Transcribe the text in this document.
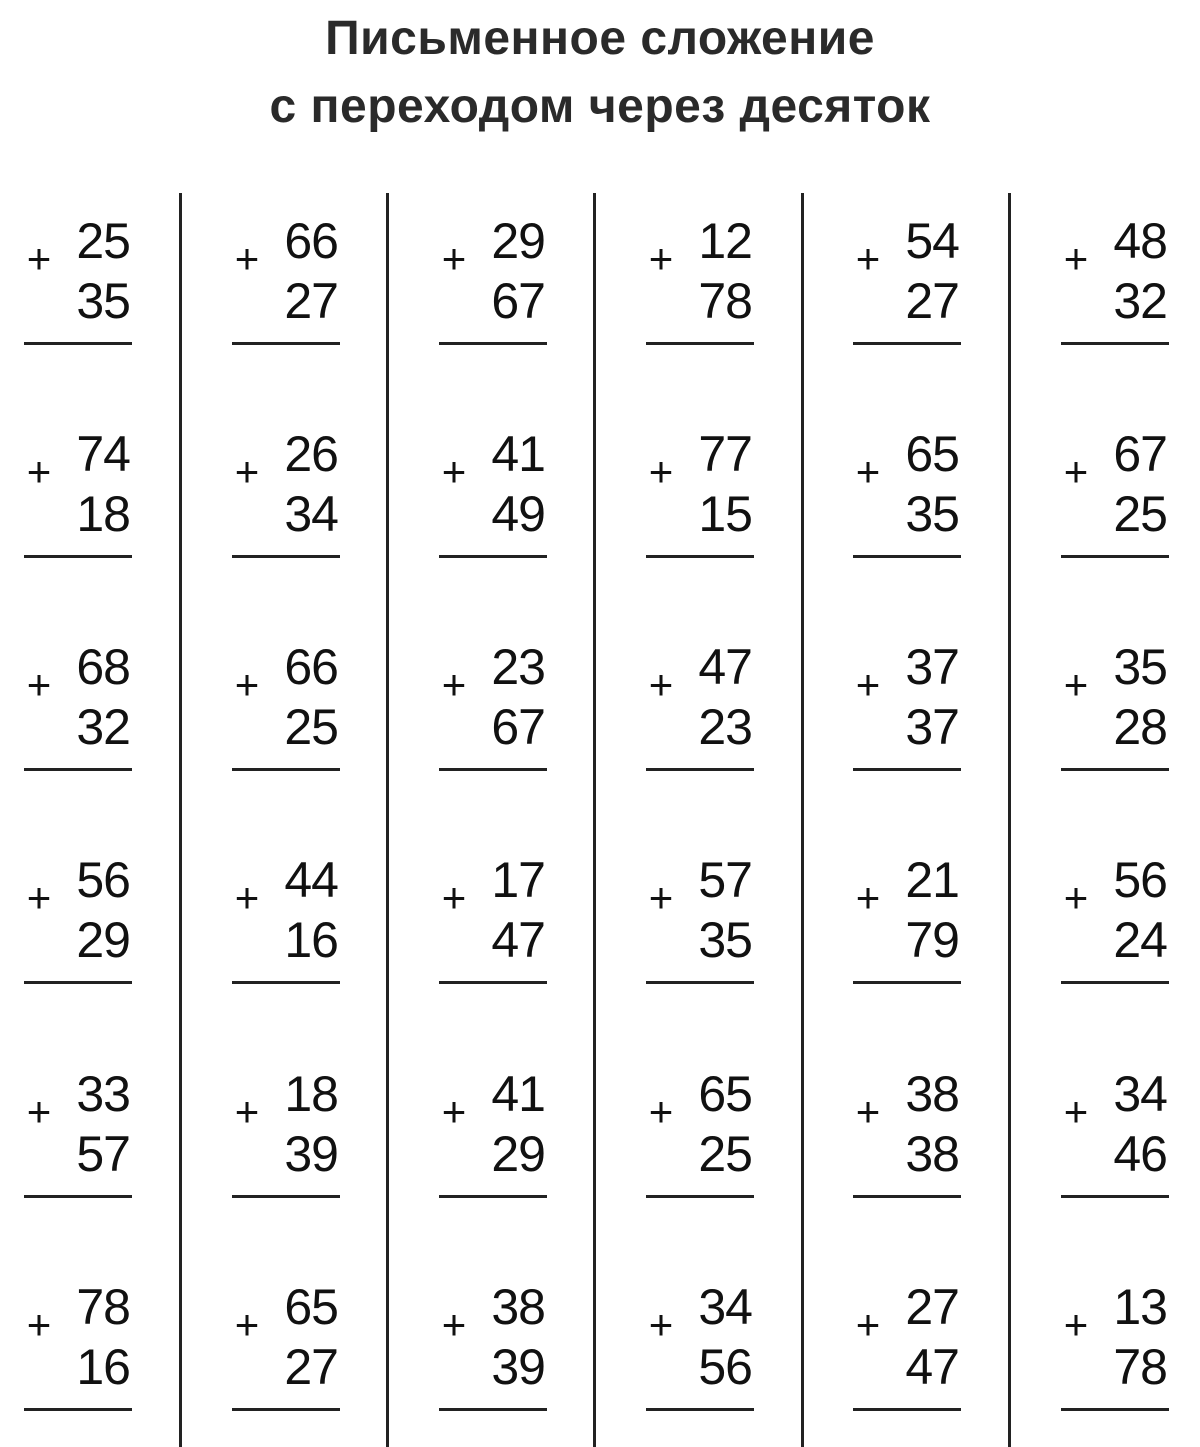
Письменное сложение
с переходом через десяток
+ 25
35
+ 66
27
+ 29
67
+ 12
78
+ 54
27
+ 48
32
+ 74
18
+ 26
34
+ 41
49
+ 77
15
+ 65
35
+ 67
25
+ 68
32
+ 66
25
+ 23
67
+ 47
23
+ 37
37
+ 35
28
+ 56
29
+ 44
16
+ 17
47
+ 57
35
+ 21
79
+ 56
24
+ 33
57
+ 18
39
+ 41
29
+ 65
25
+ 38
38
+ 34
46
+ 78
16
+ 65
27
+ 38
39
+ 34
56
+ 27
47
+ 13
78
